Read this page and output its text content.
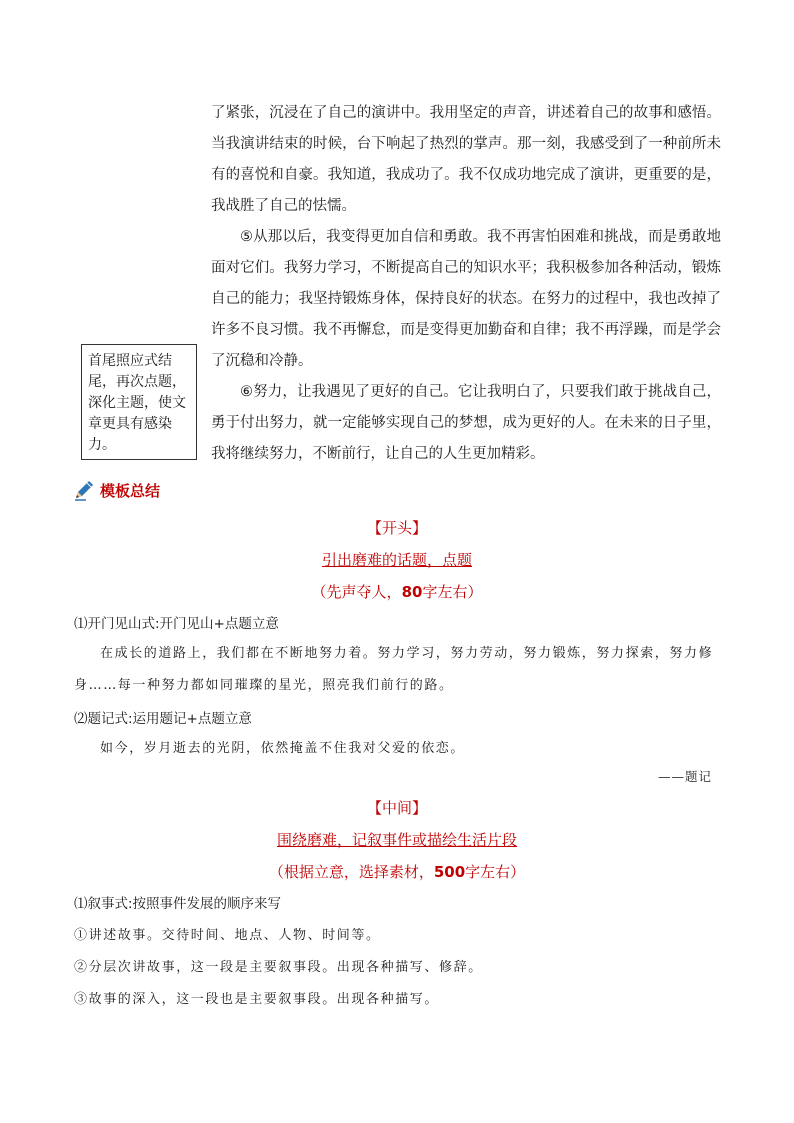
了紧张，沉浸在了自己的演讲中。我用坚定的声音，讲述着自己的故事和感悟。当我演讲结束的时候，台下响起了热烈的掌声。那一刻，我感受到了一种前所未有的喜悦和自豪。我知道，我成功了。我不仅成功地完成了演讲，更重要的是，我战胜了自己的怯懦。

⑤从那以后，我变得更加自信和勇敢。我不再害怕困难和挑战，而是勇敢地面对它们。我努力学习，不断提高自己的知识水平；我积极参加各种活动，锻炼自己的能力；我坚持锻炼身体，保持良好的状态。在努力的过程中，我也改掉了许多不良习惯。我不再懈怠，而是变得更加勤奋和自律；我不再浮躁，而是学会了沉稳和冷静。

⑥努力，让我遇见了更好的自己。它让我明白了，只要我们敢于挑战自己，勇于付出努力，就一定能够实现自己的梦想，成为更好的人。在未来的日子里，我将继续努力，不断前行，让自己的人生更加精彩。

首尾照应式结尾，再次点题，深化主题，使文章更具有感染力。
模板总结
【开头】
引出磨难的话题，点题
（先声夺人，80字左右）
⑴开门见山式:开门见山+点题立意
在成长的道路上，我们都在不断地努力着。努力学习，努力劳动，努力锻炼，努力探索，努力修身……每一种努力都如同璀璨的星光，照亮我们前行的路。
⑵题记式:运用题记+点题立意
如今，岁月逝去的光阴，依然掩盖不住我对父爱的依恋。
——题记
【中间】
围绕磨难，记叙事件或描绘生活片段
（根据立意，选择素材，500字左右）
⑴叙事式:按照事件发展的顺序来写
①讲述故事。交待时间、地点、人物、时间等。
②分层次讲故事，这一段是主要叙事段。出现各种描写、修辞。
③故事的深入，这一段也是主要叙事段。出现各种描写。
